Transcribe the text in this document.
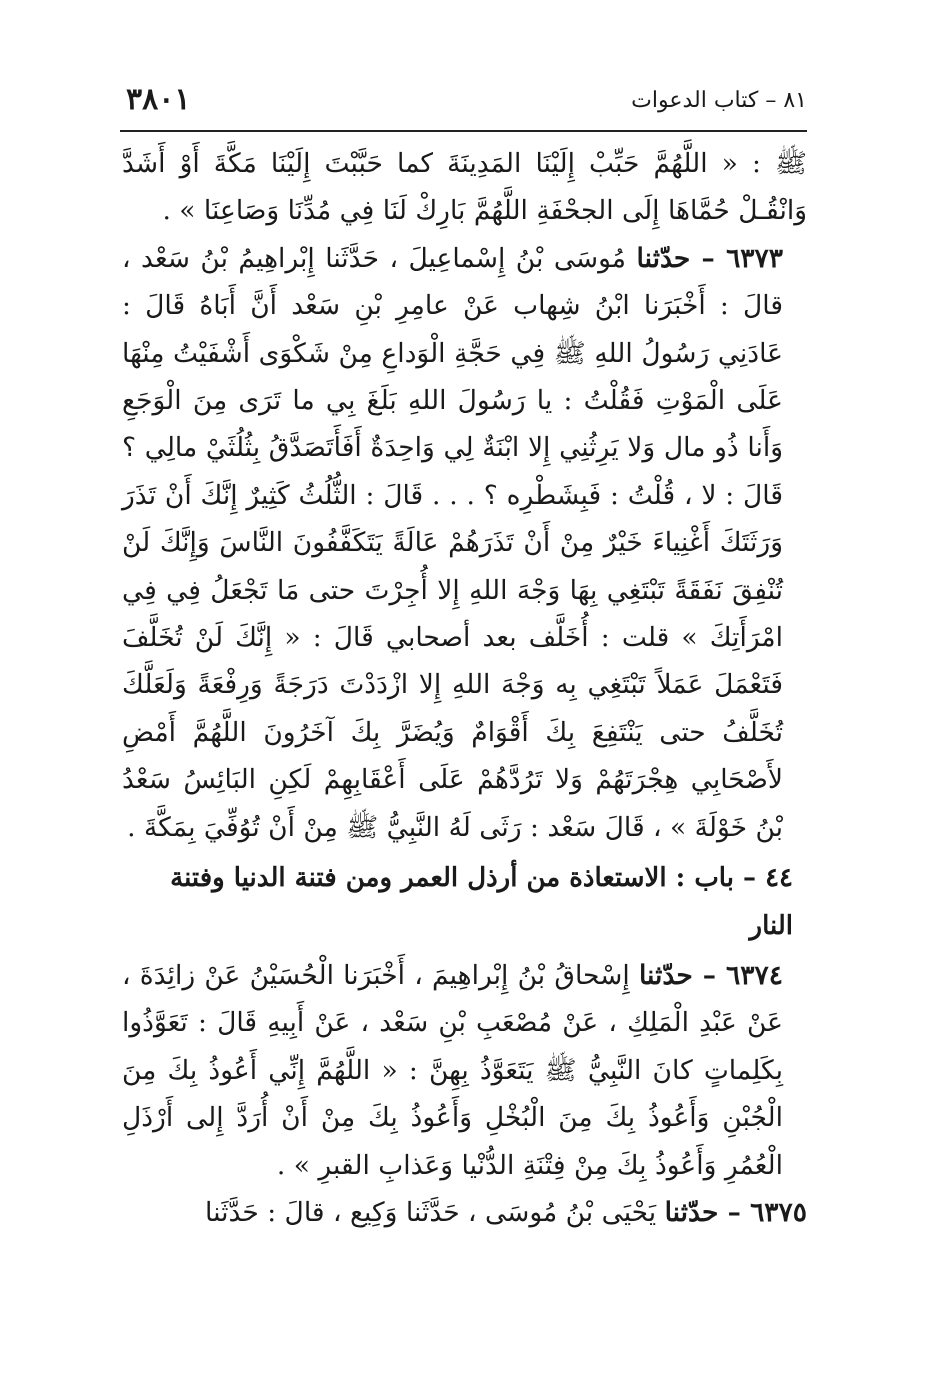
٣٨٠١	٨١ – كتاب الدعوات

ﷺ : « اللَّهُمَّ حَبِّبْ إِلَيْنَا المَدِينَةَ كما حَبَّبْتَ إِلَيْنَا مَكَّةَ أَوْ أَشَدَّ وَانْقُـلْ حُمَّاهَا إِلَى الجحْفَةِ اللَّهُمَّ بَارِكْ لَنَا فِي مُدِّنَا وَصَاعِنَا » .

٦٣٧٣ – حدّثنا مُوسَى بْنُ إِسْماعِيلَ ، حَدَّثَنا إِبْراهِيمُ بْنُ سَعْد ، قالَ : أَخْبَرَنا ابْنُ شِهاب عَنْ عامِرِ بْنِ سَعْد أَنَّ أَبَاهُ قَالَ : عَادَنِي رَسُولُ اللهِ ﷺ فِي حَجَّةِ الْوَداعِ مِنْ شَكْوَى أَشْفَيْتُ مِنْهَا عَلَى الْمَوْتِ فَقُلْتُ : يا رَسُولَ اللهِ بَلَغَ بِي ما تَرَى مِنَ الْوَجَعِ وَأَنا ذُو مال وَلا يَرِثُنِي إِلا ابْنَةٌ لِي وَاحِدَةٌ أَفَأَتَصَدَّقُ بِثُلُثَيْ مالِي ؟ قَالَ : لا ، قُلْتُ : فَبِشَطْرِه ؟ . . . قَالَ : الثُّلُثُ كَثِيرٌ إِنَّكَ أَنْ تَذَرَ وَرَثَتَكَ أَغْنِياءَ خَيْرٌ مِنْ أَنْ تَذَرَهُمْ عَالَةً يَتَكَفَّفُونَ النَّاسَ وَإِنَّكَ لَنْ تُنْفِقَ نَفَقَةً تَبْتَغِي بِهَا وَجْهَ اللهِ إِلا أُجِرْتَ حتى مَا تَجْعَلُ فِي فِي امْرَأَتِكَ » قلت : أُخَلَّف بعد أصحابي قَالَ : « إِنَّكَ لَنْ تُخَلَّفَ فَتَعْمَلَ عَمَلاً تَبْتَغِي بِه وَجْهَ اللهِ إِلا ازْدَدْتَ دَرَجَةً وَرِفْعَةً وَلَعَلَّكَ تُخَلَّفُ حتى يَنْتَفِعَ بِكَ أَقْوَامٌ وَيُضَرَّ بِكَ آخَرُونَ اللَّهُمَّ أَمْضِ لأَصْحَابِي هِجْرَتَهُمْ وَلا تَرُدَّهُمْ عَلَى أَعْقَابِهِمْ لَكِنِ البَائِسُ سَعْدُ بْنُ خَوْلَةَ » ، قَالَ سَعْد : رَثَى لَهُ النَّبِيُّ ﷺ مِنْ أَنْ تُوُفِّيَ بِمَكَّةَ .

٤٤ – باب : الاستعاذة من أرذل العمر ومن فتنة الدنيا وفتنة النار

٦٣٧٤ – حدّثنا إِسْحاقُ بْنُ إِبْراهِيمَ ، أَخْبَرَنا الْحُسَيْنُ عَنْ زائِدَةَ ، عَنْ عَبْدِ الْمَلِكِ ، عَنْ مُصْعَبِ بْنِ سَعْد ، عَنْ أَبِيهِ قَالَ : تَعَوَّذُوا بِكَلِماتٍ كانَ النَّبِيُّ ﷺ يَتَعَوَّذُ بِهِنَّ : « اللَّهُمَّ إِنِّي أَعُوذُ بِكَ مِنَ الْجُبْنِ وَأَعُوذُ بِكَ مِنَ الْبُخْلِ وَأَعُوذُ بِكَ مِنْ أَنْ أُرَدَّ إِلى أَرْذَلِ الْعُمُرِ وَأَعُوذُ بِكَ مِنْ فِتْنَةِ الدُّنْيا وَعَذابِ القبرِ » .

٦٣٧٥ – حدّثنا يَحْيَى بْنُ مُوسَى ، حَدَّثَنا وَكِيع ، قالَ : حَدَّثَنا
